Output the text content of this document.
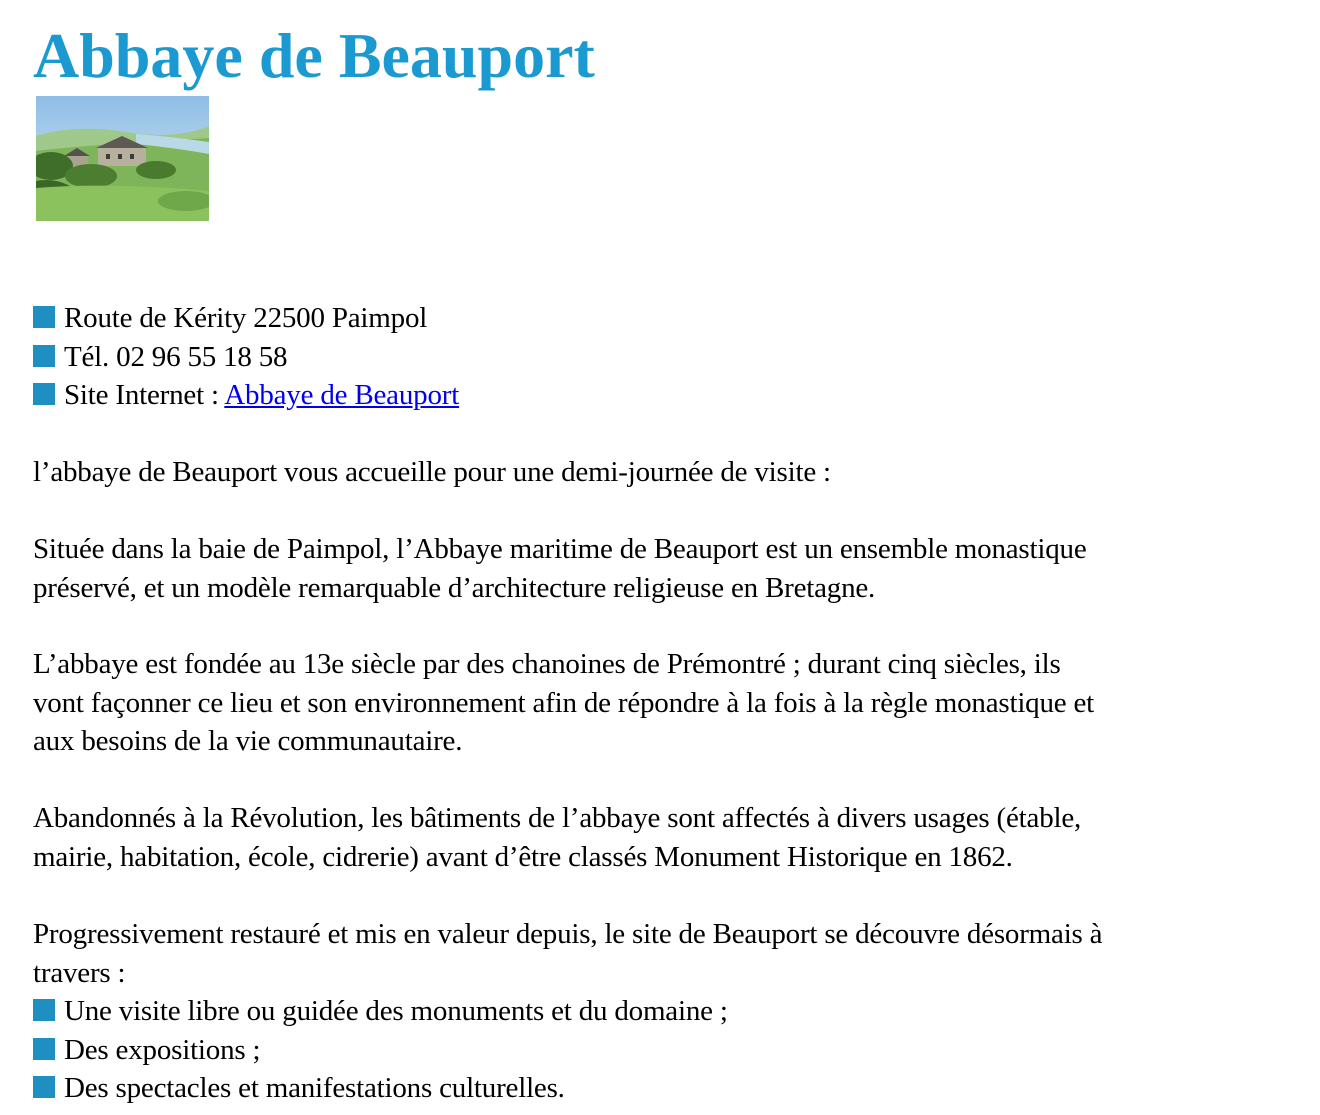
Abbaye de Beauport
Route de Kérity 22500 Paimpol
Tél. 02 96 55 18 58
Site Internet : Abbaye de Beauport
l’abbaye de Beauport vous accueille pour une demi-journée de visite :
Située dans la baie de Paimpol, l’Abbaye maritime de Beauport est un ensemble monastique
préservé, et un modèle remarquable d’architecture religieuse en Bretagne.
L’abbaye est fondée au 13e siècle par des chanoines de Prémontré ; durant cinq siècles, ils
vont façonner ce lieu et son environnement afin de répondre à la fois à la règle monastique et
aux besoins de la vie communautaire.
Abandonnés à la Révolution, les bâtiments de l’abbaye sont affectés à divers usages (étable,
mairie, habitation, école, cidrerie) avant d’être classés Monument Historique en 1862.
Progressivement restauré et mis en valeur depuis, le site de Beauport se découvre désormais à
travers :
Une visite libre ou guidée des monuments et du domaine ;
Des expositions ;
Des spectacles et manifestations culturelles.
